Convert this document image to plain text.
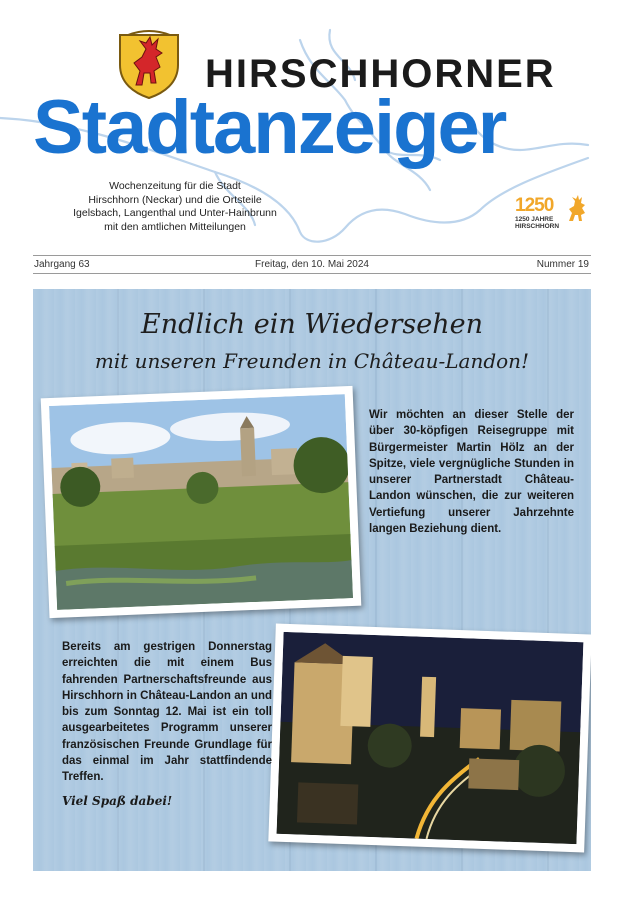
HIRSCHHORNER
Stadtanzeiger
Wochenzeitung für die Stadt
Hirschhorn (Neckar) und die Ortsteile
Igelsbach, Langenthal und Unter-Hainbrunn
mit den amtlichen Mitteilungen
1250
1250 JAHRE
HIRSCHHORN
Jahrgang 63	Freitag, den 10. Mai 2024	Nummer 19
Endlich ein Wiedersehen
mit unseren Freunden in Château-Landon!
Wir möchten an dieser Stelle der über 30-köpfigen Reisegruppe mit Bürgermeister Martin Hölz an der Spitze, viele vergnügliche Stunden in unserer Partnerstadt Château-Landon wünschen, die zur weiteren Vertiefung unserer Jahrzehnte langen Beziehung dient.
Bereits am gestrigen Donnerstag erreichten die mit einem Bus fahrenden Partnerschaftsfreunde aus Hirschhorn in Château-Landon an und bis zum Sonntag 12. Mai ist ein toll ausgearbeitetes Programm unserer französischen Freunde Grundlage für das einmal im Jahr stattfindende Treffen.
Viel Spaß dabei!
